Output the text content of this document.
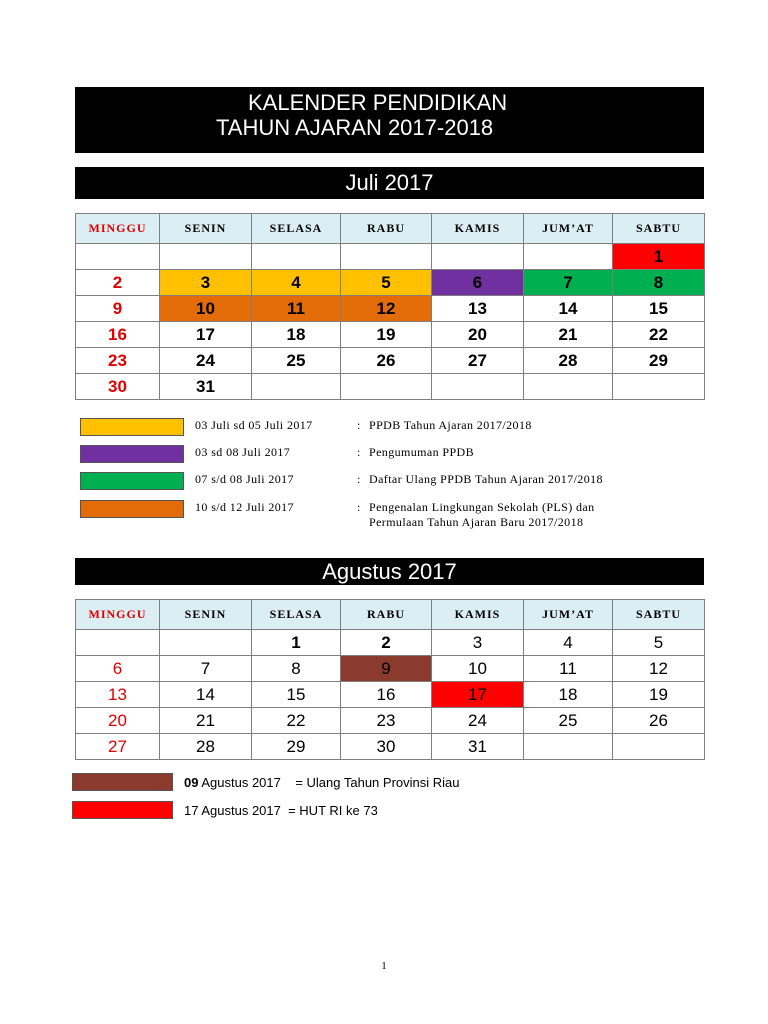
KALENDER PENDIDIKAN
TAHUN AJARAN 2017-2018
Juli 2017
MINGGU	SENIN	SELASA	RABU	KAMIS	JUM’AT	SABTU
						1
2	3	4	5	6	7	8
9	10	11	12	13	14	15
16	17	18	19	20	21	22
23	24	25	26	27	28	29
30	31					
03 Juli sd 05 Juli 2017	: PPDB Tahun Ajaran 2017/2018
03 sd 08 Juli 2017	: Pengumuman PPDB
07 s/d 08 Juli 2017	: Daftar Ulang PPDB Tahun Ajaran 2017/2018
10 s/d 12 Juli 2017	: Pengenalan Lingkungan Sekolah (PLS) dan
Permulaan Tahun Ajaran Baru 2017/2018
Agustus 2017
MINGGU	SENIN	SELASA	RABU	KAMIS	JUM’AT	SABTU
		1	2	3	4	5
6	7	8	9	10	11	12
13	14	15	16	17	18	19
20	21	22	23	24	25	26
27	28	29	30	31		
09 Agustus 2017    = Ulang Tahun Provinsi Riau
17 Agustus 2017  = HUT RI ke 73
1
